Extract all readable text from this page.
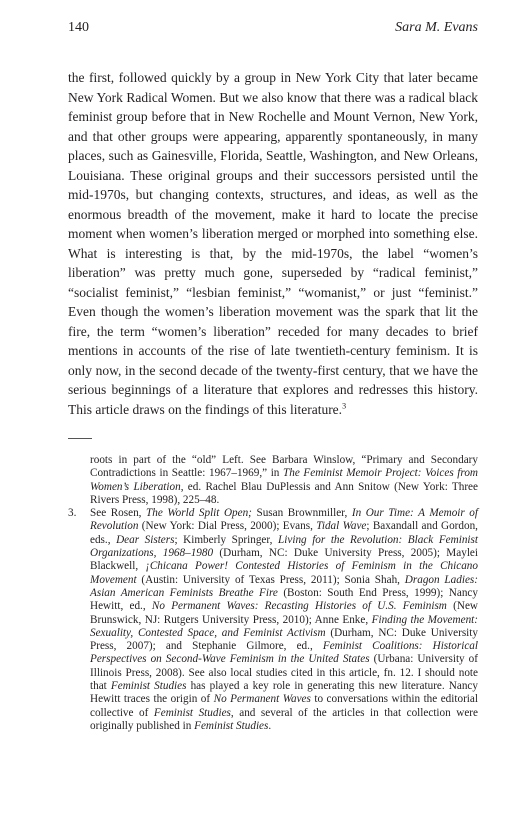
140	Sara M. Evans

the first, followed quickly by a group in New York City that later became New York Radical Women. But we also know that there was a radical black feminist group before that in New Rochelle and Mount Vernon, New York, and that other groups were appearing, apparently spontaneously, in many places, such as Gainesville, Florida, Seattle, Washington, and New Orleans, Louisiana. These original groups and their successors persisted until the mid-1970s, but changing contexts, structures, and ideas, as well as the enormous breadth of the movement, make it hard to locate the precise moment when women’s liberation merged or morphed into something else. What is interesting is that, by the mid-1970s, the label “women’s liberation” was pretty much gone, superseded by “radical feminist,” “socialist feminist,” “lesbian feminist,” “womanist,” or just “feminist.” Even though the women’s liberation movement was the spark that lit the fire, the term “women’s liberation” receded for many decades to brief mentions in accounts of the rise of late twentieth-century feminism. It is only now, in the second decade of the twenty-first century, that we have the serious beginnings of a literature that explores and redresses this history. This article draws on the findings of this literature.$^3$

roots in part of the “old” Left. See Barbara Winslow, “Primary and Secondary Contradictions in Seattle: 1967–1969,” in The Feminist Memoir Project: Voices from Women’s Liberation, ed. Rachel Blau DuPlessis and Ann Snitow (New York: Three Rivers Press, 1998), 225–48.

3.	See Rosen, The World Split Open; Susan Brownmiller, In Our Time: A Memoir of Revolution (New York: Dial Press, 2000); Evans, Tidal Wave; Baxandall and Gordon, eds., Dear Sisters; Kimberly Springer, Living for the Revolution: Black Feminist Organizations, 1968–1980 (Durham, NC: Duke University Press, 2005); Maylei Blackwell, ¡Chicana Power! Contested Histories of Feminism in the Chicano Movement (Austin: University of Texas Press, 2011); Sonia Shah, Dragon Ladies: Asian American Feminists Breathe Fire (Boston: South End Press, 1999); Nancy Hewitt, ed., No Permanent Waves: Recasting Histories of U.S. Feminism (New Brunswick, NJ: Rutgers University Press, 2010); Anne Enke, Finding the Movement: Sexuality, Contested Space, and Feminist Activism (Durham, NC: Duke University Press, 2007); and Stephanie Gilmore, ed., Feminist Coalitions: Historical Perspectives on Second-Wave Feminism in the United States (Urbana: University of Illinois Press, 2008). See also local studies cited in this article, fn. 12. I should note that Feminist Studies has played a key role in generating this new literature. Nancy Hewitt traces the origin of No Permanent Waves to conversations within the editorial collective of Feminist Studies, and several of the articles in that collection were originally published in Feminist Studies.
